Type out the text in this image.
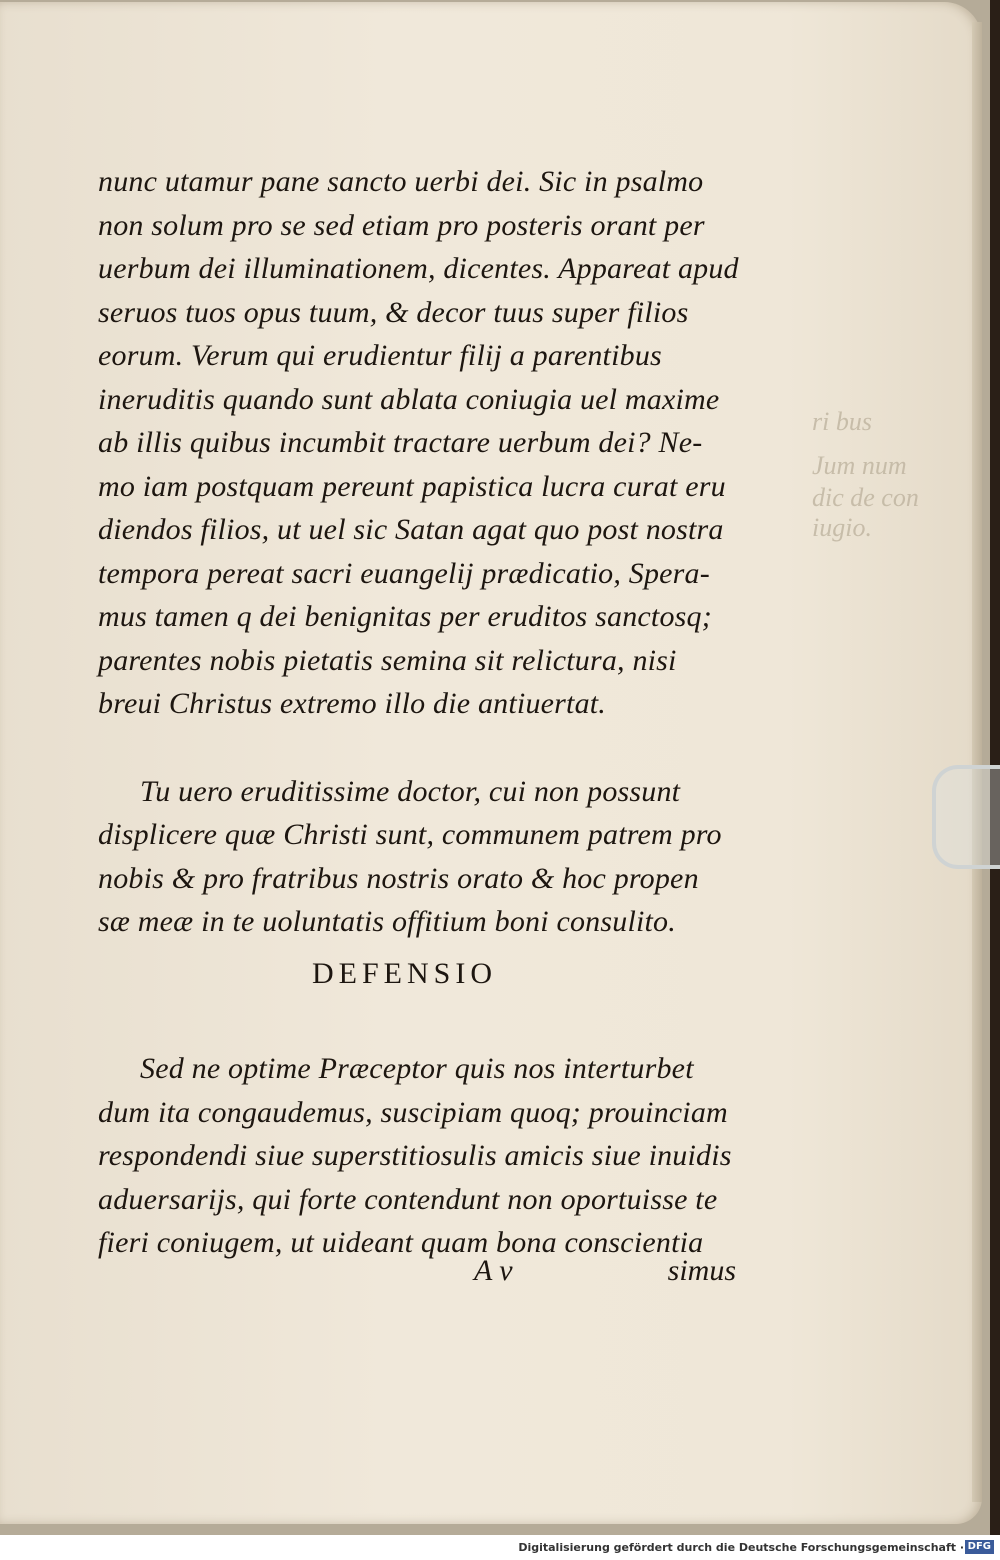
ri bus
Jum num
dic de con
iugio.
nunc utamur pane sancto uerbi dei. Sic in psalmo
non solum pro se sed etiam pro posteris orant per
uerbum dei illuminationem, dicentes. Appareat apud
seruos tuos opus tuum, & decor tuus super filios
eorum. Verum qui erudientur filij a parentibus
ineruditis quando sunt ablata coniugia uel maxime
ab illis quibus incumbit tractare uerbum dei? Ne-
mo iam postquam pereunt papistica lucra curat eru
diendos filios, ut uel sic Satan agat quo post nostra
tempora pereat sacri euangelij prædicatio, Spera-
mus tamen q dei benignitas per eruditos sanctosq;
parentes nobis pietatis semina sit relictura, nisi
breui Christus extremo illo die antiuertat.
Tu uero eruditissime doctor, cui non possunt
displicere quæ Christi sunt, communem patrem pro
nobis & pro fratribus nostris orato & hoc propen
sæ meæ in te uoluntatis offitium boni consulito.
DEFENSIO
Sed ne optime Præceptor quis nos interturbet
dum ita congaudemus, suscipiam quoq; prouinciam
respondendi siue superstitiosulis amicis siue inuidis
aduersarijs, qui forte contendunt non oportuisse te
fieri coniugem, ut uideant quam bona conscientia
A v	simus
Digitalisierung gefördert durch die Deutsche Forschungsgemeinschaft · DFG
